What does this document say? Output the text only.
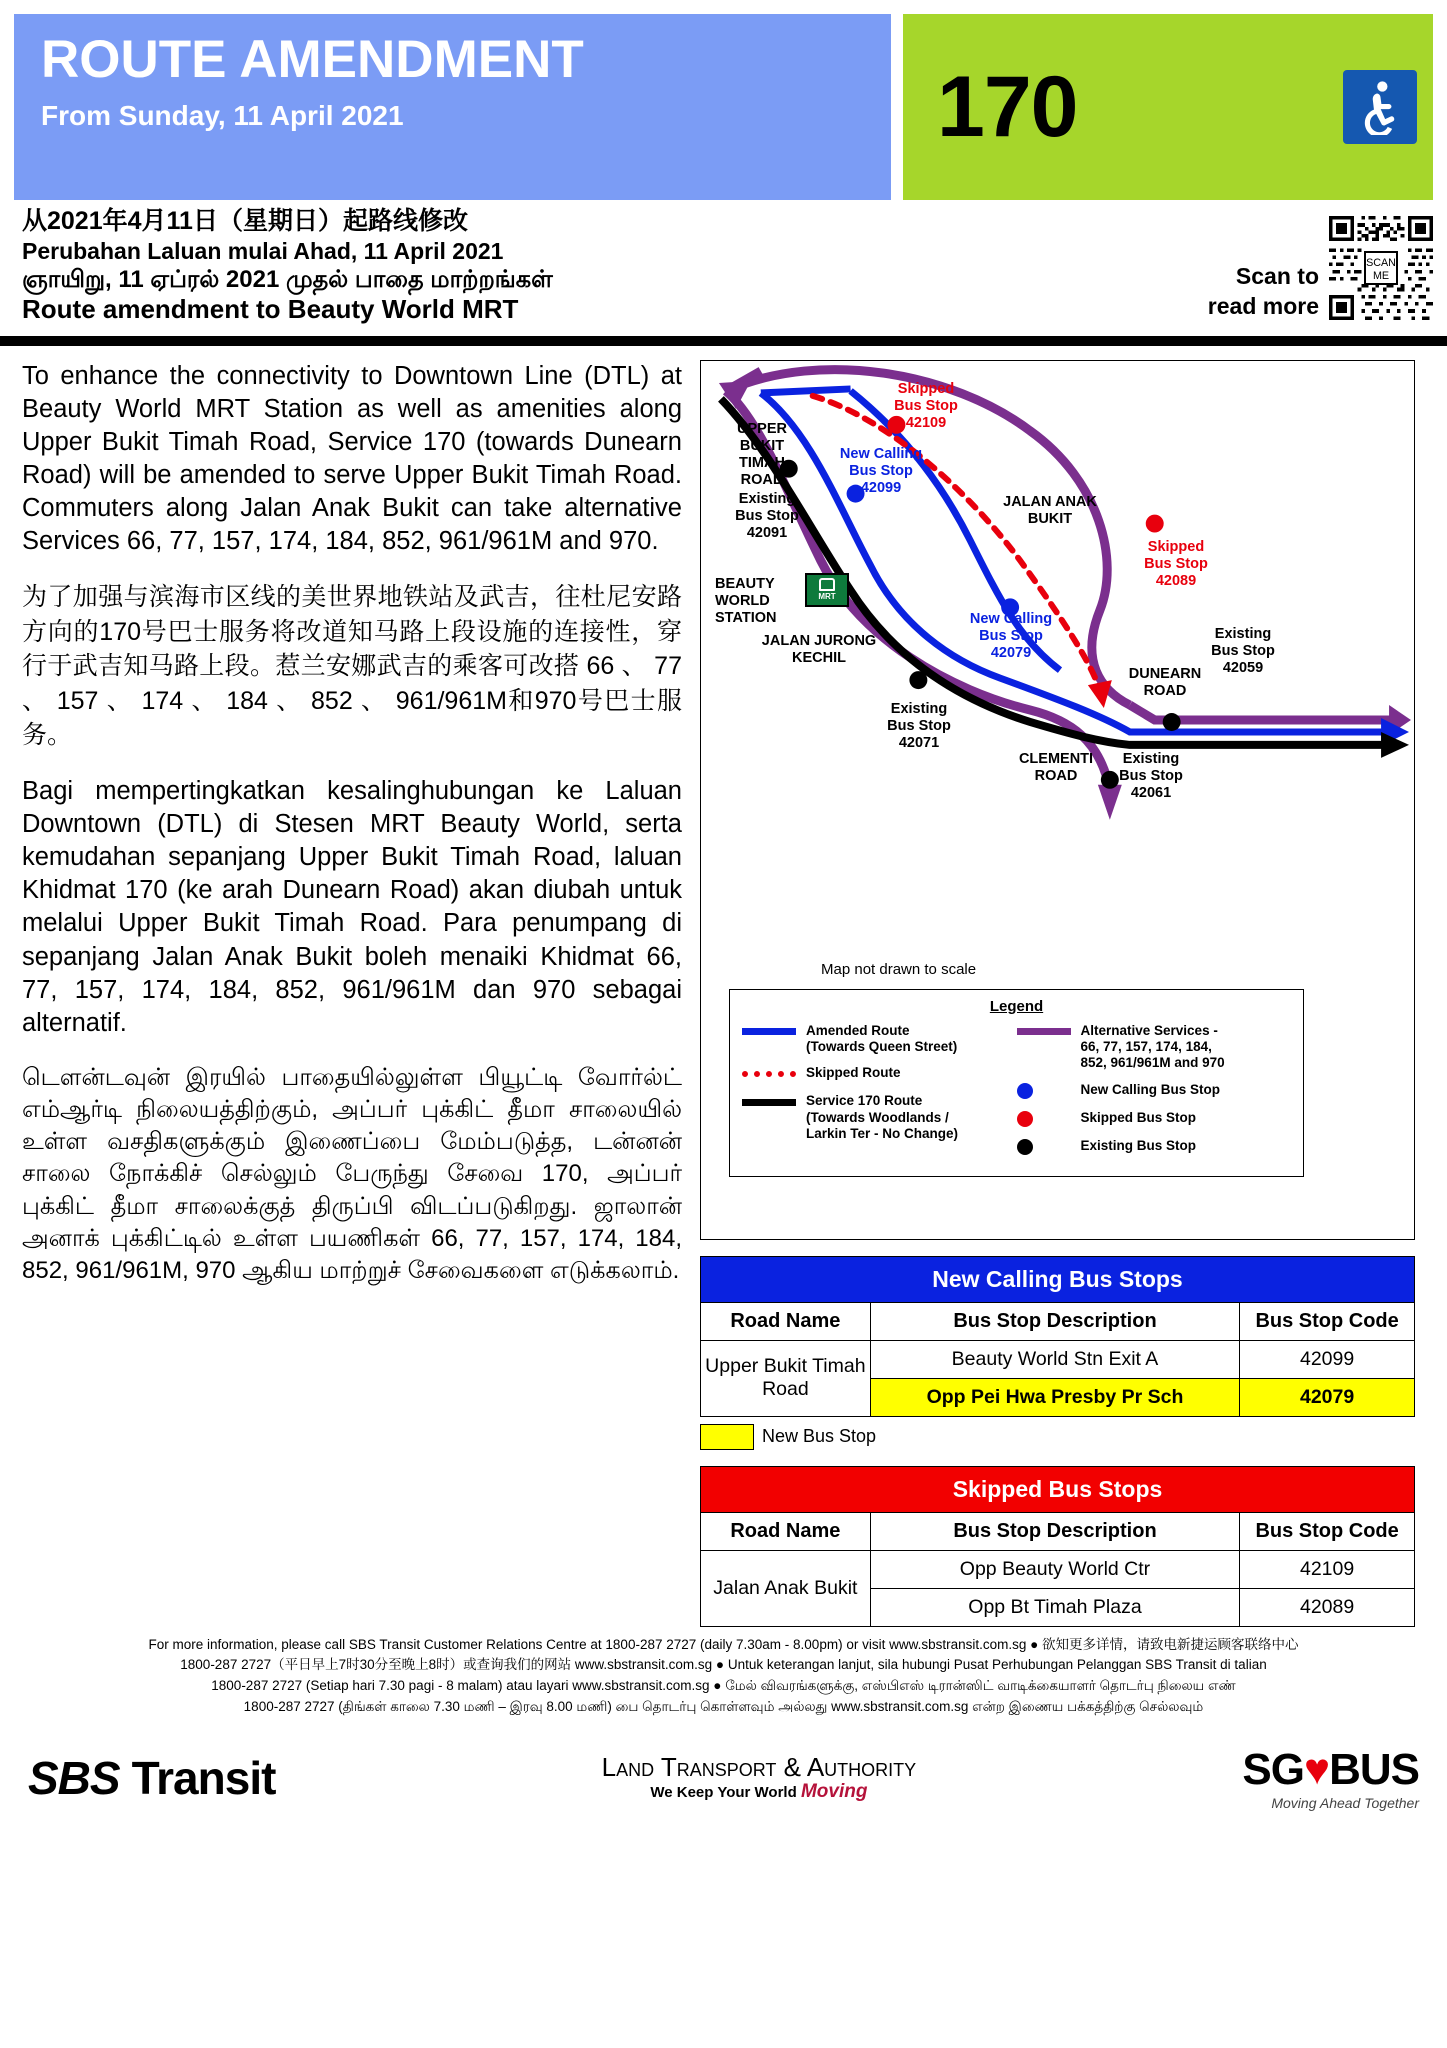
ROUTE AMENDMENT
From Sunday, 11 April 2021	170
从2021年4月11日（星期日）起路线修改
Perubahan Laluan mulai Ahad, 11 April 2021
ஞாயிறு, 11 ஏப்ரல் 2021 முதல் பாதை மாற்றங்கள்
Route amendment to Beauty World MRT
Scan to
read more
SCAN
ME
To enhance the connectivity to Downtown Line (DTL) at Beauty World MRT Station as well as amenities along Upper Bukit Timah Road, Service 170 (towards Dunearn Road) will be amended to serve Upper Bukit Timah Road. Commuters along Jalan Anak Bukit can take alternative Services 66, 77, 157, 174, 184, 852, 961/961M and 970.
为了加强与滨海市区线的美世界地铁站及武吉，往杜尼安路方向的170号巴士服务将改道知马路上段设施的连接性，穿行于武吉知马路上段。惹兰安娜武吉的乘客可改搭 66 、 77 、 157 、 174 、 184 、 852 、 961/961M和970号巴士服务。
Bagi mempertingkatkan kesalinghubungan ke Laluan Downtown (DTL) di Stesen MRT Beauty World, serta kemudahan sepanjang Upper Bukit Timah Road, laluan Khidmat 170 (ke arah Dunearn Road) akan diubah untuk melalui Upper Bukit Timah Road. Para penumpang di sepanjang Jalan Anak Bukit boleh menaiki Khidmat 66, 77, 157, 174, 184, 852, 961/961M dan 970 sebagai alternatif.
டௌன்டவுன் இரயில் பாதையில்லுள்ள பியூட்டி வோர்ல்ட் எம்ஆர்டி நிலையத்திற்கும், அப்பர் புக்கிட் தீமா சாலையில் உள்ள வசதிகளுக்கும் இணைப்பை மேம்படுத்த, டன்னன் சாலை நோக்கிச் செல்லும் பேருந்து சேவை 170, அப்பர் புக்கிட் தீமா சாலைக்குத் திருப்பி விடப்படுகிறது. ஜாலான் அனாக் புக்கிட்டில் உள்ள பயணிகள் 66, 77, 157, 174, 184, 852, 961/961M, 970 ஆகிய மாற்றுச் சேவைகளை எடுக்கலாம்.
UPPER
BUKIT TIMAH
ROAD
Existing
Bus Stop
42091
BEAUTY
WORLD
STATION
MRT
JALAN JURONG
KECHIL
Skipped
Bus Stop
42109
New Calling
Bus Stop
42099
JALAN ANAK
BUKIT
Skipped
Bus Stop
42089
New Calling
Bus Stop
42079
Existing
Bus Stop
42071
CLEMENTI
ROAD
DUNEARN
ROAD
Existing
Bus Stop
42059
Existing
Bus Stop
42061
Map not drawn to scale
Legend
Amended Route
(Towards Queen Street)
Skipped Route
Service 170 Route
(Towards Woodlands /
Larkin Ter - No Change)
Alternative Services -
66, 77, 157, 174, 184,
852, 961/961M and 970
New Calling Bus Stop
Skipped Bus Stop
Existing Bus Stop
New Calling Bus Stops		
Road Name	Bus Stop Description	Bus Stop Code
Upper Bukit Timah Road	Beauty World Stn Exit A	42099
	Opp Pei Hwa Presby Pr Sch	42079
New Bus Stop
Skipped Bus Stops		
Road Name	Bus Stop Description	Bus Stop Code
Jalan Anak Bukit	Opp Beauty World Ctr	42109
	Opp Bt Timah Plaza	42089
For more information, please call SBS Transit Customer Relations Centre at 1800-287 2727 (daily 7.30am - 8.00pm) or visit www.sbstransit.com.sg ● 欲知更多详情，请致电新捷运顾客联络中心
1800-287 2727（平日早上7时30分至晚上8时）或查询我们的网站 www.sbstransit.com.sg ● Untuk keterangan lanjut, sila hubungi Pusat Perhubungan Pelanggan SBS Transit di talian
1800-287 2727 (Setiap hari 7.30 pagi - 8 malam) atau layari www.sbstransit.com.sg ● மேல் விவரங்களுக்கு, எஸ்பிஎஸ் டிரான்ஸிட் வாடிக்கையாளர் தொடர்பு நிலைய எண்
1800-287 2727 (திங்கள் காலை 7.30 மணி – இரவு 8.00 மணி) பை தொடர்பு கொள்ளவும் அல்லது www.sbstransit.com.sg என்ற இணைய பக்கத்திற்கு செல்லவும்
SBS Transit	Land Transport & Authority
We Keep Your World Moving	SG♥BUS
Moving Ahead Together
